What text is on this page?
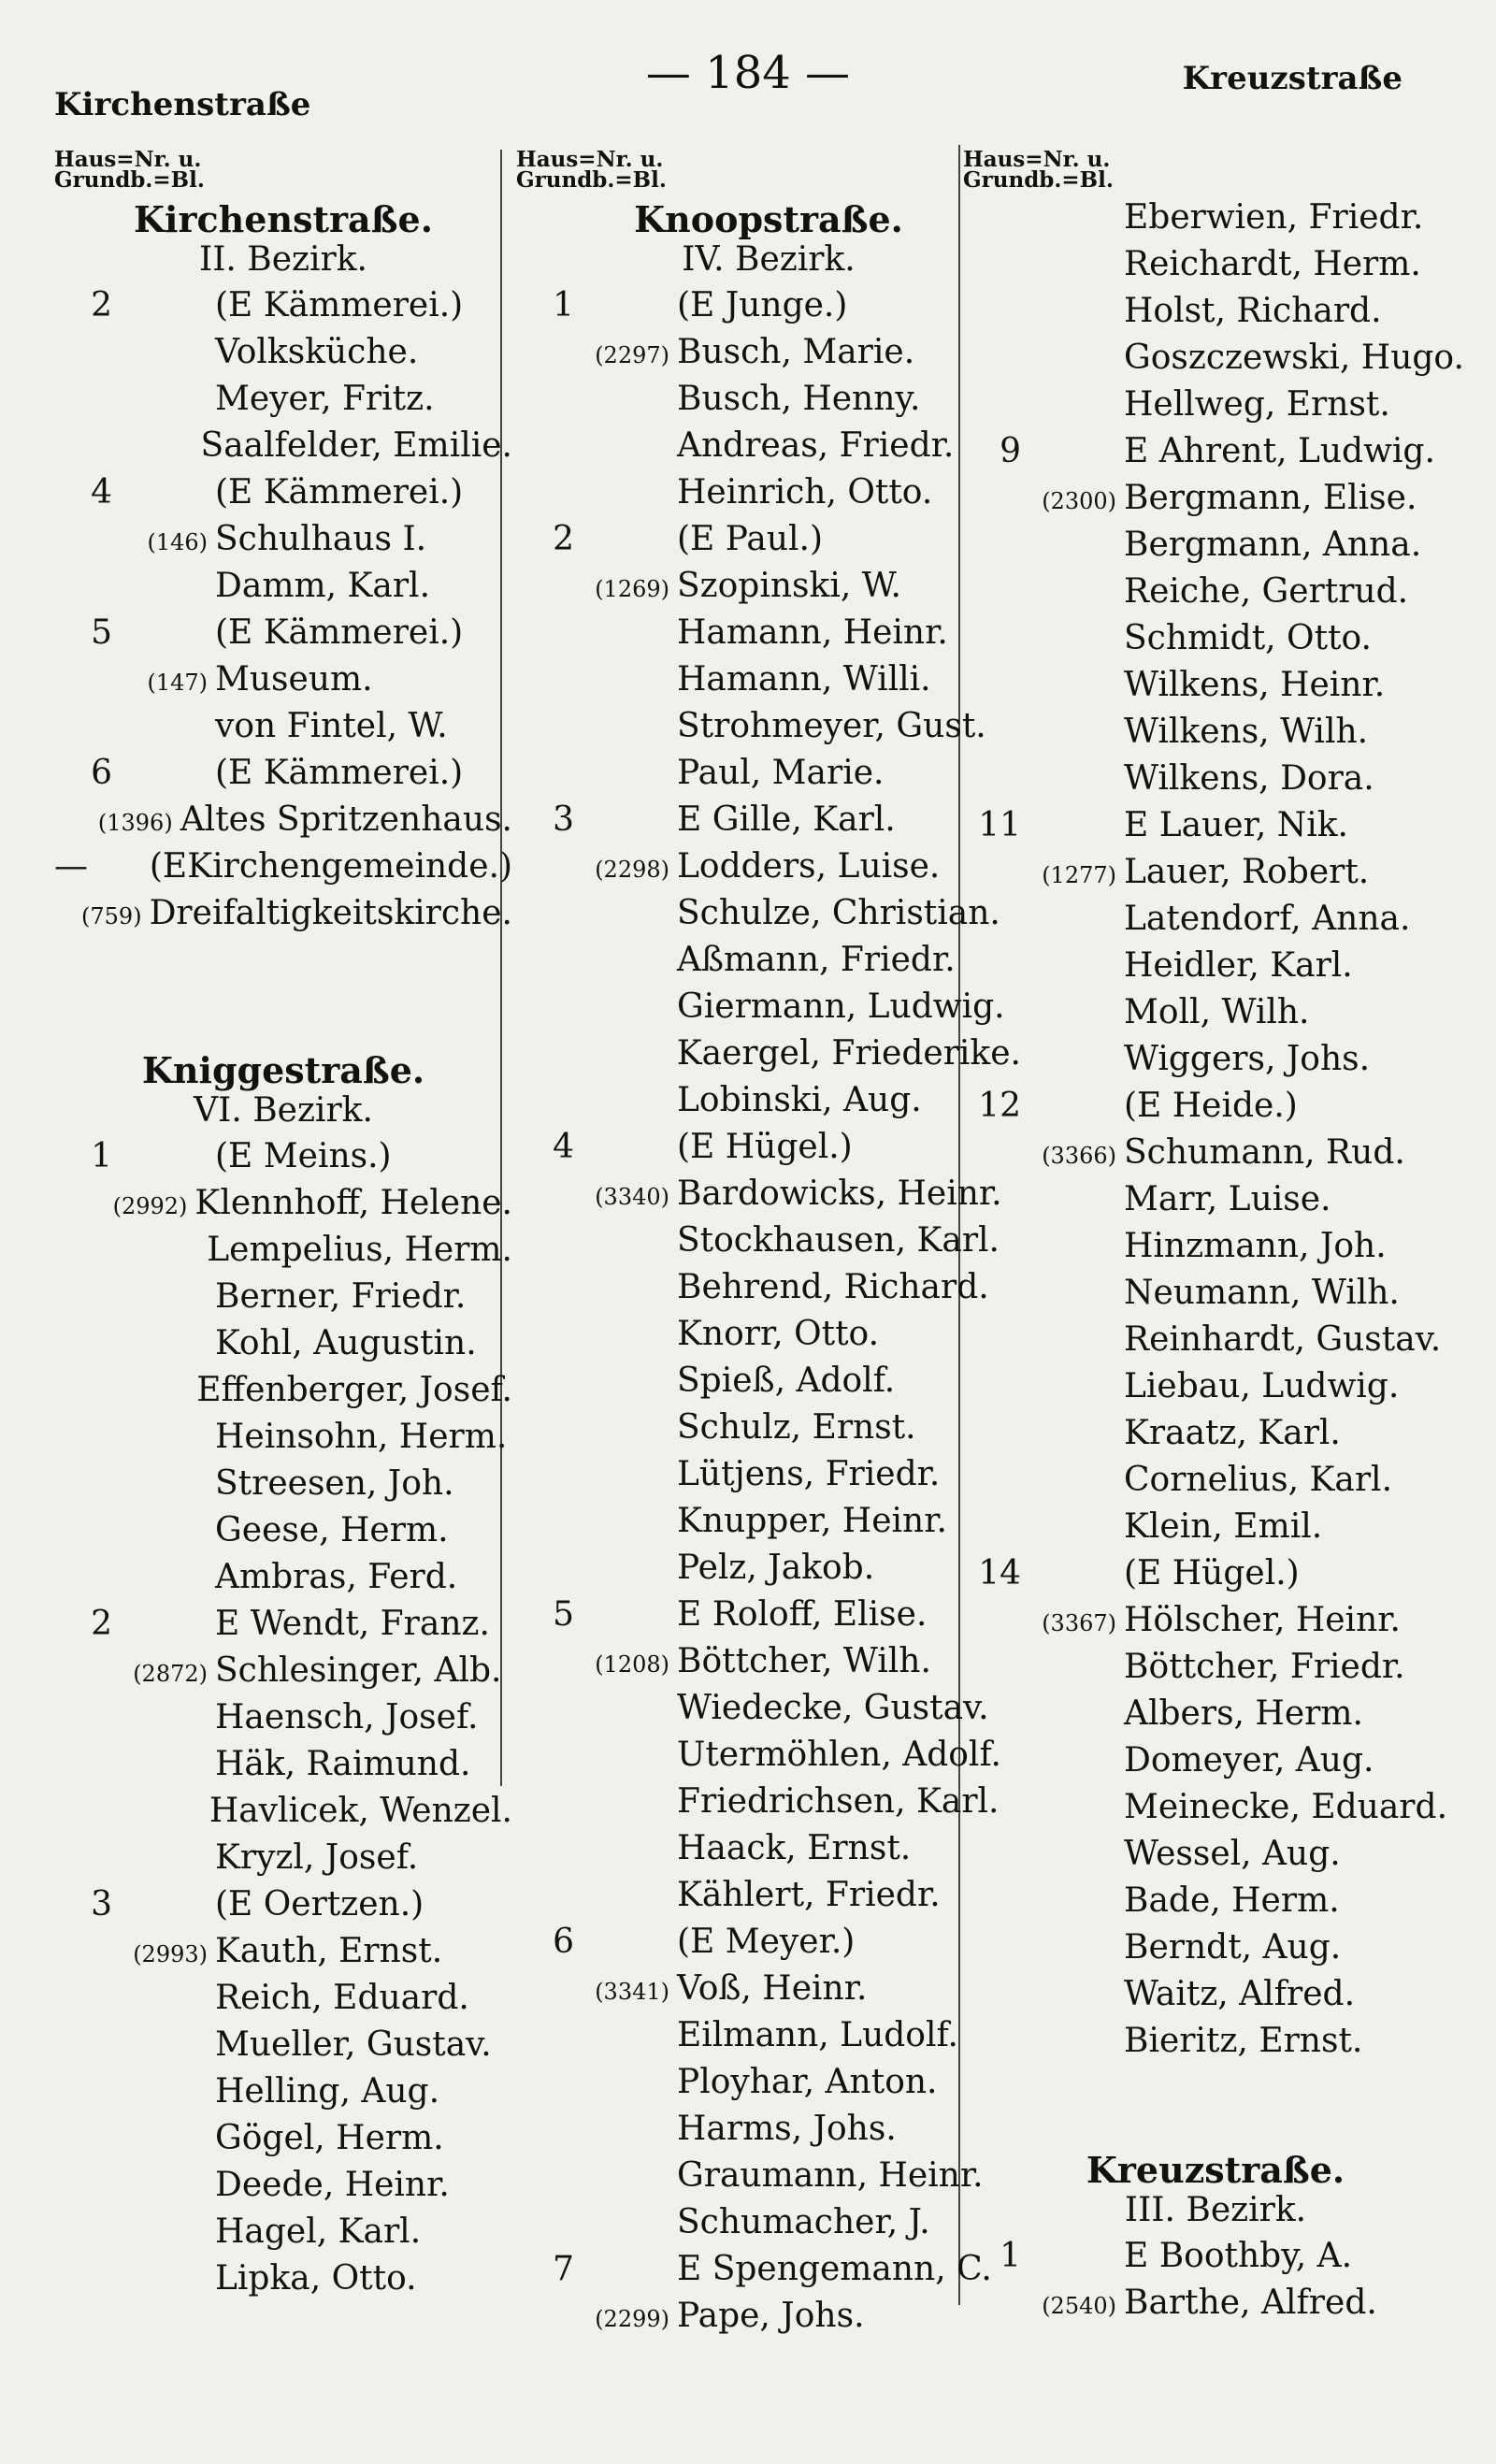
— 184 —
Kirchenstraße
Kreuzstraße
Haus=Nr. u.
Grundb.=Bl.
Kirchenstraße.
II. Bezirk.
2	(E Kämmerei.)
Volksküche.
Meyer, Fritz.
Saalfelder, Emilie.
4	(E Kämmerei.)
(146) Schulhaus I.
Damm, Karl.
5	(E Kämmerei.)
(147) Museum.
von Fintel, W.
6	(E Kämmerei.)
(1396) Altes Spritzenhaus.
— (EKirchengemeinde.)
(759) Dreifaltigkeitskirche.
Kniggestraße.
VI. Bezirk.
1	(E Meins.)
(2992) Klennhoff, Helene.
Lempelius, Herm.
Berner, Friedr.
Kohl, Augustin.
Effenberger, Josef.
Heinsohn, Herm.
Streesen, Joh.
Geese, Herm.
Ambras, Ferd.
2	E Wendt, Franz.
(2872) Schlesinger, Alb.
Haensch, Josef.
Häk, Raimund.
Havlicek, Wenzel.
Kryzl, Josef.
3	(E Oertzen.)
(2993) Kauth, Ernst.
Reich, Eduard.
Mueller, Gustav.
Helling, Aug.
Gögel, Herm.
Deede, Heinr.
Hagel, Karl.
Lipka, Otto.
Haus=Nr. u.
Grundb.=Bl.
Knoopstraße.
IV. Bezirk.
1	(E Junge.)
(2297) Busch, Marie.
Busch, Henny.
Andreas, Friedr.
Heinrich, Otto.
2	(E Paul.)
(1269) Szopinski, W.
Hamann, Heinr.
Hamann, Willi.
Strohmeyer, Gust.
Paul, Marie.
3	E Gille, Karl.
(2298) Lodders, Luise.
Schulze, Christian.
Aßmann, Friedr.
Giermann, Ludwig.
Kaergel, Friederike.
Lobinski, Aug.
4	(E Hügel.)
(3340) Bardowicks, Heinr.
Stockhausen, Karl.
Behrend, Richard.
Knorr, Otto.
Spieß, Adolf.
Schulz, Ernst.
Lütjens, Friedr.
Knupper, Heinr.
Pelz, Jakob.
5	E Roloff, Elise.
(1208) Böttcher, Wilh.
Wiedecke, Gustav.
Utermöhlen, Adolf.
Friedrichsen, Karl.
Haack, Ernst.
Kählert, Friedr.
6	(E Meyer.)
(3341) Voß, Heinr.
Eilmann, Ludolf.
Ployhar, Anton.
Harms, Johs.
Graumann, Heinr.
Schumacher, J.
7	E Spengemann, C.
(2299) Pape, Johs.
Haus=Nr. u.
Grundb.=Bl.
Eberwien, Friedr.
Reichardt, Herm.
Holst, Richard.
Goszczewski, Hugo.
Hellweg, Ernst.
9	E Ahrent, Ludwig.
(2300) Bergmann, Elise.
Bergmann, Anna.
Reiche, Gertrud.
Schmidt, Otto.
Wilkens, Heinr.
Wilkens, Wilh.
Wilkens, Dora.
11	E Lauer, Nik.
(1277) Lauer, Robert.
Latendorf, Anna.
Heidler, Karl.
Moll, Wilh.
Wiggers, Johs.
12	(E Heide.)
(3366) Schumann, Rud.
Marr, Luise.
Hinzmann, Joh.
Neumann, Wilh.
Reinhardt, Gustav.
Liebau, Ludwig.
Kraatz, Karl.
Cornelius, Karl.
Klein, Emil.
14	(E Hügel.)
(3367) Hölscher, Heinr.
Böttcher, Friedr.
Albers, Herm.
Domeyer, Aug.
Meinecke, Eduard.
Wessel, Aug.
Bade, Herm.
Berndt, Aug.
Waitz, Alfred.
Bieritz, Ernst.
Kreuzstraße.
III. Bezirk.
1	E Boothby, A.
(2540) Barthe, Alfred.
